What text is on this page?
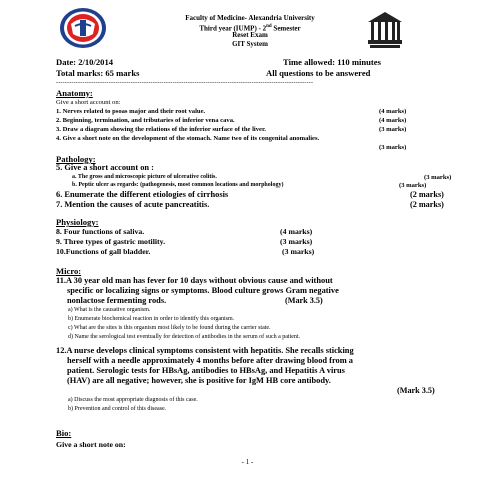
Faculty of Medicine- Alexandria University
Third year (IUMP) - 2nd Semester
Reset Exam
GIT System
Date: 2/10/2014	Time allowed: 110 minutes
Total marks: 65 marks	All questions to be answered
---------------------------------------------------------------------------------------------------------------------
Anatomy:
Give a short account on:
1. Nerves related to psoas major and their root value.	(4 marks)
2. Beginning, termination, and tributaries of inferior vena cava.	(4 marks)
3. Draw a diagram showing the relations of the inferior surface of the liver.	(3 marks)
4. Give a short note on the development of the stomach. Name two of its congenital anomalies.
(3 marks)
Pathology:
5. Give a short account on :
a. The gross and microscopic picture of ulcerative colitis.	(3 marks)
b. Peptic ulcer as regards: (pathogenesis, most common locations and morphology)	(3 marks)
6. Enumerate the different etiologies of cirrhosis	(2 marks)
7. Mention the causes of acute pancreatitis.	(2 marks)
Physiology:
8. Four functions of saliva.	(4 marks)
9. Three types of gastric motility.	(3 marks)
10.Functions of gall bladder.	(3 marks)
Micro:
11.A 30 year old man has fever for 10 days without obvious cause and without
specific or localizing signs or symptoms. Blood culture grows Gram negative
nonlactose fermenting rods.	(Mark 3.5)
a) What is the causative organism.
b) Enumerate biochemical reaction in order to identify this organism.
c) What are the sites is this organism most likely to be found during the carrier state.
d) Name the serological test eventually for detection of antibodies in the serum of such a patient.
12.A nurse develops clinical symptoms consistent with hepatitis. She recalls sticking
herself with a needle approximately 4 months before after drawing blood from a
patient. Serologic tests for HBsAg, antibodies to HBsAg, and Hepatitis A virus
(HAV) are all negative; however, she is positive for IgM HB core antibody.
(Mark 3.5)
a) Discuss the most appropriate diagnosis of this case.
b) Prevention and control of this disease.
Bio:
Give a short note on:
- 1 -
